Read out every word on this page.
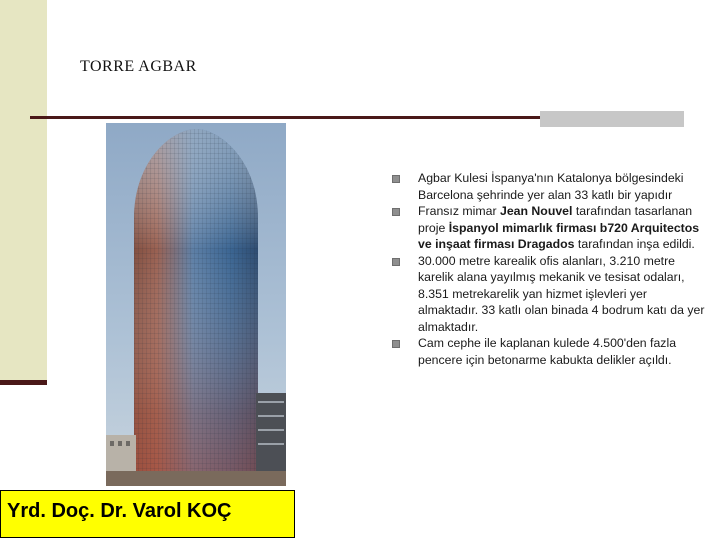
TORRE AGBAR
Agbar Kulesi İspanya'nın Katalonya bölgesindeki Barcelona şehrinde yer alan 33 katlı bir yapıdır
Fransız mimar Jean Nouvel tarafından tasarlanan proje İspanyol mimarlık firması b720 Arquitectos ve inşaat firması Dragados tarafından inşa edildi.
30.000 metre karealik ofis alanları, 3.210 metre karelik alana yayılmış mekanik ve tesisat odaları, 8.351 metrekarelik yan hizmet işlevleri yer almaktadır. 33 katlı olan binada 4 bodrum katı da yer almaktadır.
Cam cephe ile kaplanan kulede 4.500'den fazla pencere için betonarme kabukta delikler açıldı.
Yrd. Doç. Dr. Varol KOÇ
